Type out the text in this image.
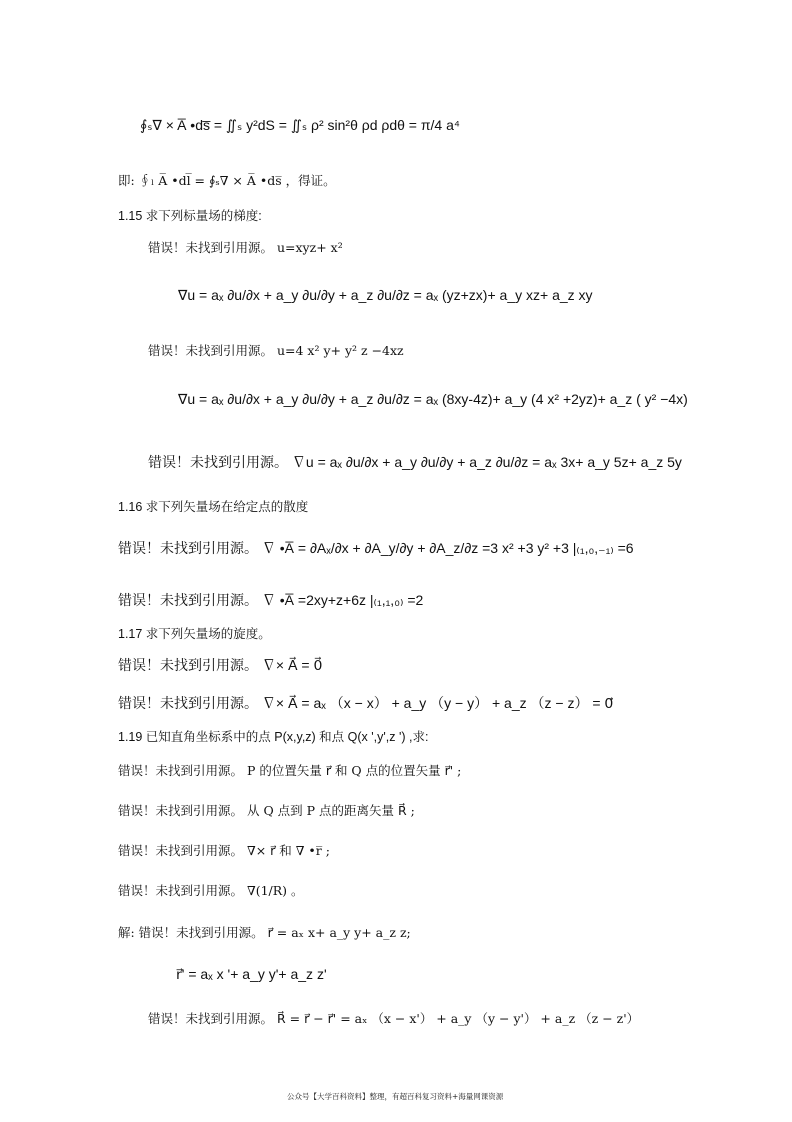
∮ₛ∇ × A̅ •ds̅ = ∬ₛ y²dS = ∬ₛ ρ² sin²θ ρd ρdθ = π/4 a⁴
即: ∮ₗ A̅ •dl̅ = ∮ₛ∇ × A̅ •ds̅ ，得证。
1.15 求下列标量场的梯度:
错误！未找到引用源。 u=xyz+ x²
∇u = aₓ ∂u/∂x + a_y ∂u/∂y + a_z ∂u/∂z = aₓ (yz+zx)+ a_y xz+ a_z xy
错误！未找到引用源。 u=4 x² y+ y² z −4xz
∇u = aₓ ∂u/∂x + a_y ∂u/∂y + a_z ∂u/∂z = aₓ (8xy-4z)+ a_y (4 x² +2yz)+ a_z ( y² −4x)
错误！未找到引用源。 ∇u = aₓ ∂u/∂x + a_y ∂u/∂y + a_z ∂u/∂z = aₓ 3x+ a_y 5z+ a_z 5y
1.16 求下列矢量场在给定点的散度
错误！未找到引用源。 ∇ •A̅ = ∂Aₓ/∂x + ∂A_y/∂y + ∂A_z/∂z =3 x² +3 y² +3 |₍₁,₀,₋₁₎ =6
错误！未找到引用源。 ∇ •A̅ =2xy+z+6z |₍₁,₁,₀₎ =2
1.17 求下列矢量场的旋度。
错误！未找到引用源。 ∇× A⃗ = 0⃗
错误！未找到引用源。 ∇× A⃗ = aₓ （x − x） + a_y （y − y） + a_z （z − z） = 0⃗
1.19 已知直角坐标系中的点 P(x,y,z) 和点 Q(x ',y',z ') ,求:
错误！未找到引用源。 P 的位置矢量 r⃗ 和 Q 点的位置矢量 r⃗' ;
错误！未找到引用源。 从 Q 点到 P 点的距离矢量 R⃗ ;
错误！未找到引用源。 ∇× r⃗ 和 ∇ •r̅ ;
错误！未找到引用源。 ∇(1/R) 。
解: 错误！未找到引用源。 r⃗ = aₓ x+ a_y y+ a_z z;
r⃗' = aₓ x '+ a_y y'+ a_z z'
错误！未找到引用源。 R⃗ = r⃗ − r⃗' = aₓ （x − x'） + a_y （y − y'） + a_z （z − z'）
公众号【大学百科资料】整理，有超百科复习资料+海量网课资源
